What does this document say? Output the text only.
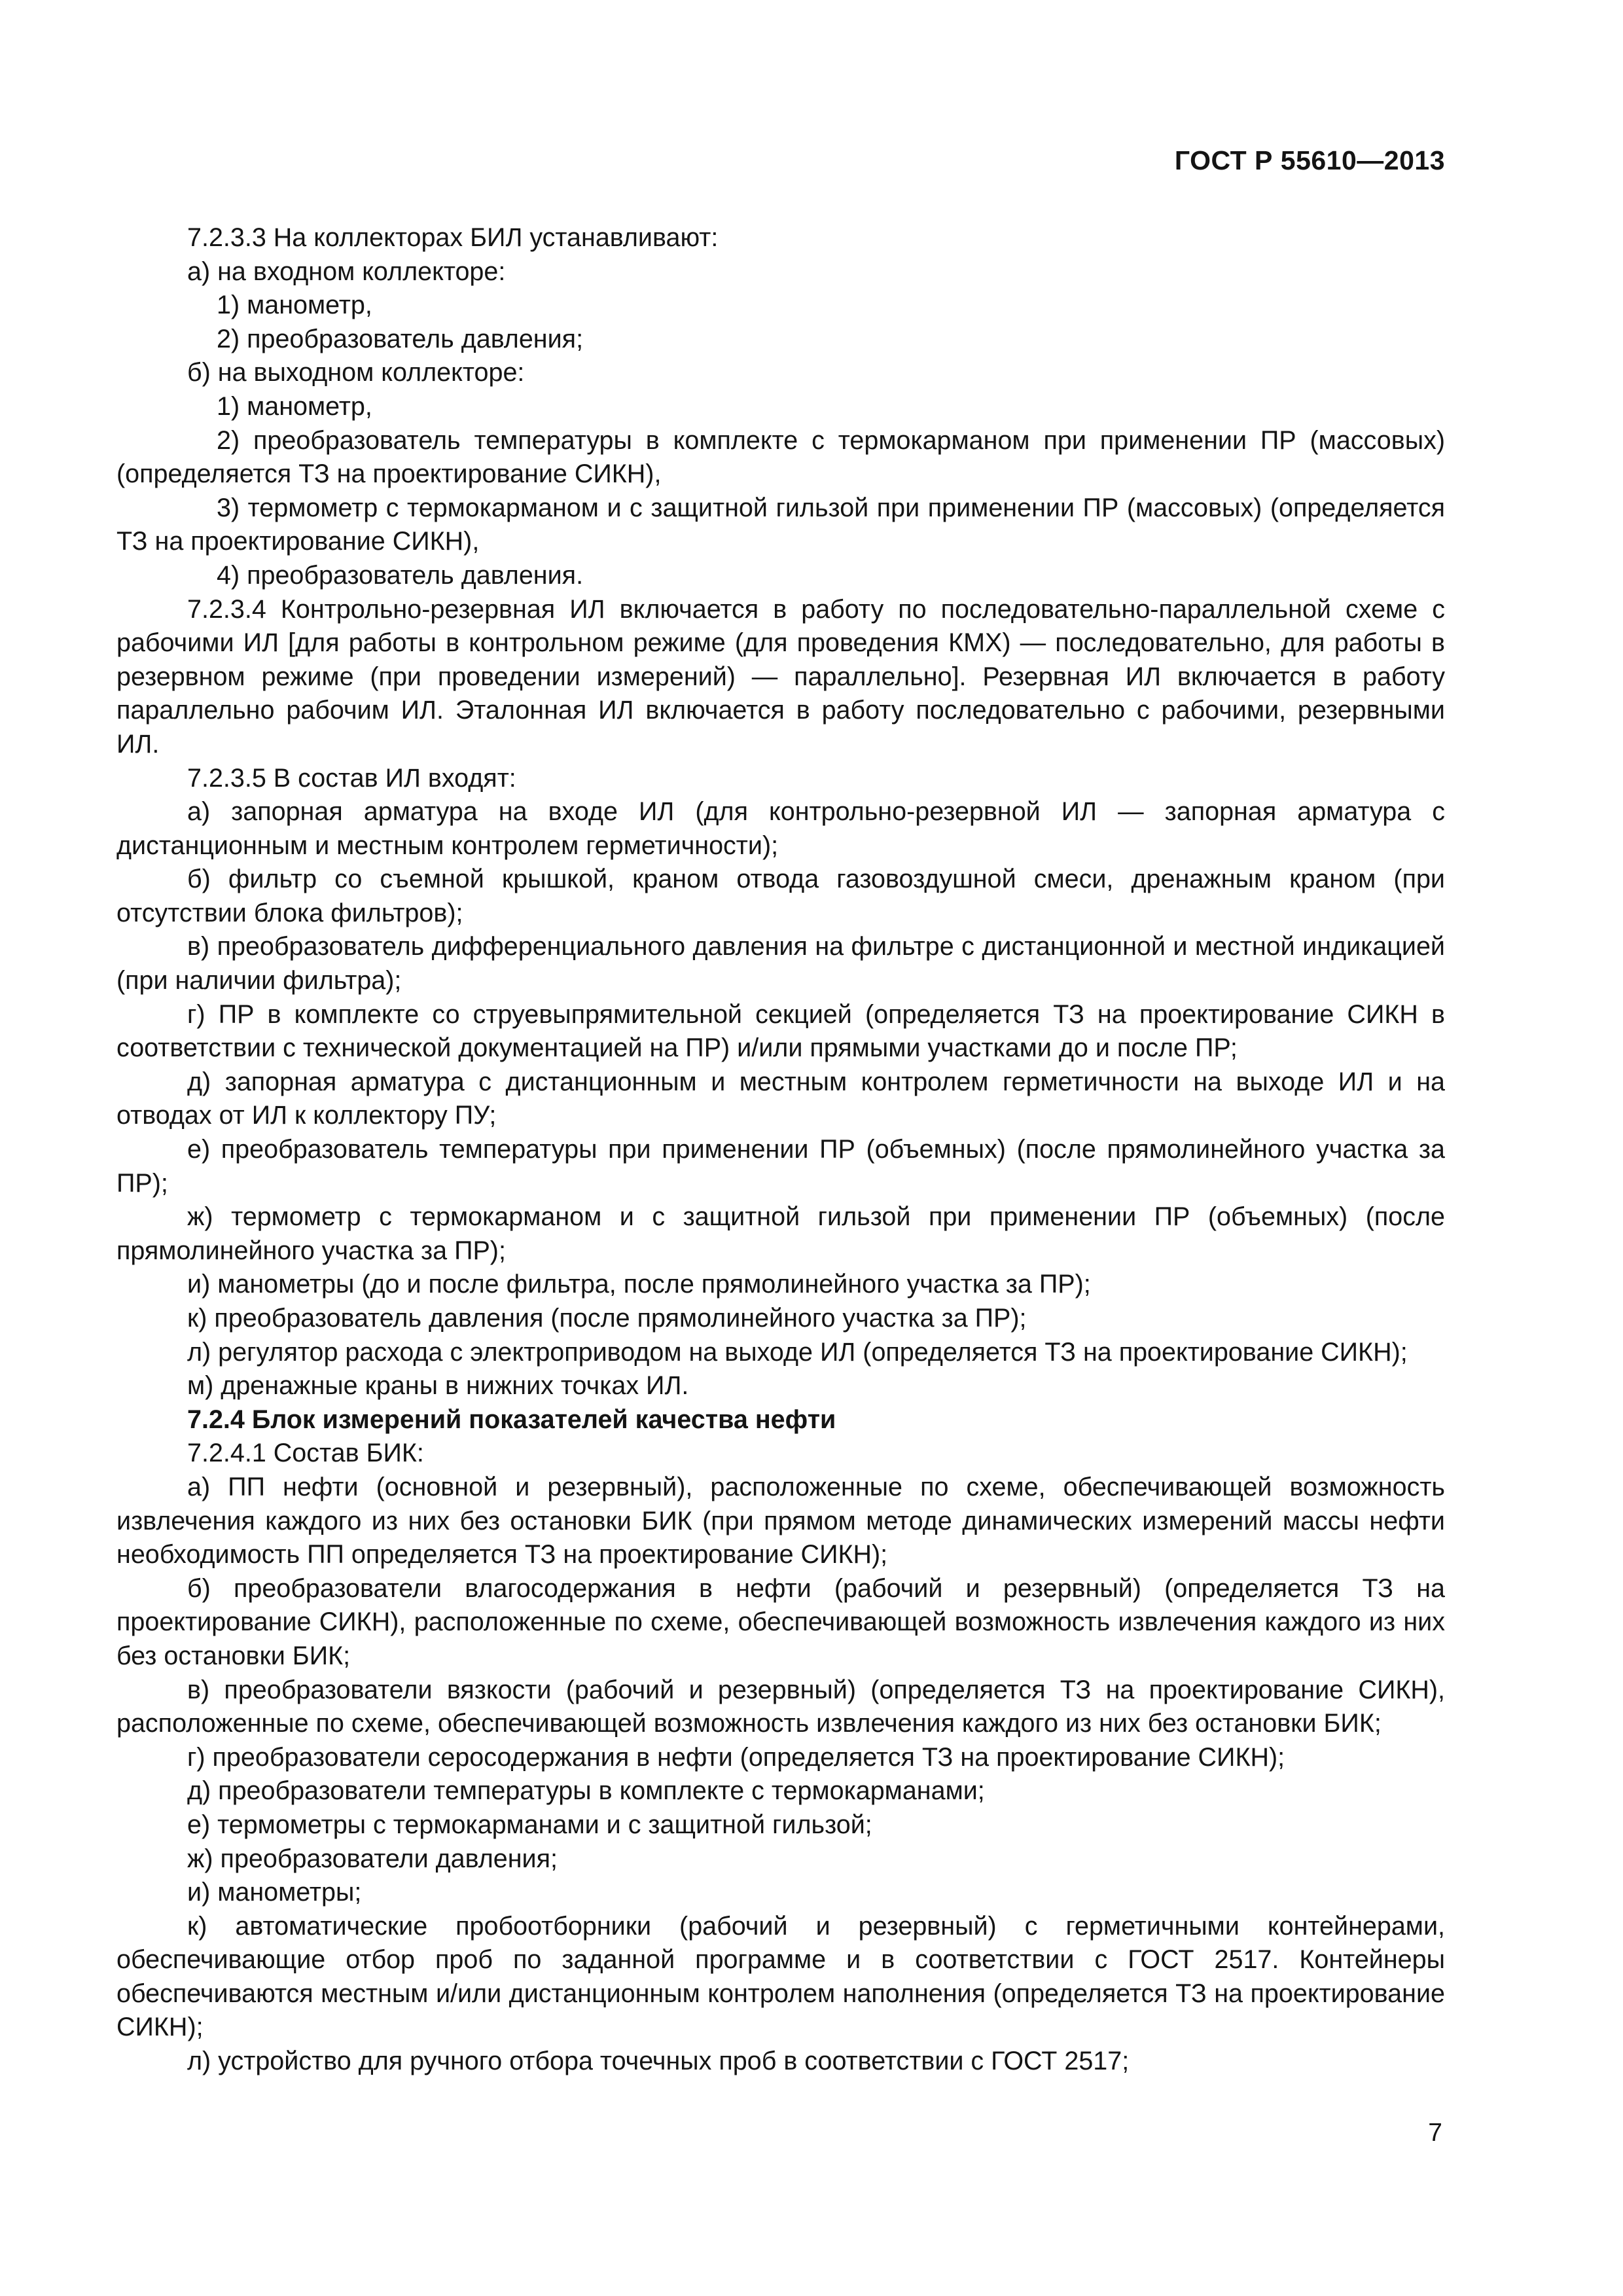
ГОСТ Р 55610—2013

7.2.3.3 На коллекторах БИЛ устанавливают:

а) на входном коллекторе:

1) манометр,

2) преобразователь давления;

б) на выходном коллекторе:

1) манометр,

2) преобразователь температуры в комплекте с термокарманом при применении ПР (массовых) (определяется ТЗ на проектирование СИКН),

3) термометр с термокарманом и с защитной гильзой при применении ПР (массовых) (определяется ТЗ на проектирование СИКН),

4) преобразователь давления.

7.2.3.4 Контрольно-резервная ИЛ включается в работу по последовательно-параллельной схеме с рабочими ИЛ [для работы в контрольном режиме (для проведения КМХ) — последовательно, для работы в резервном режиме (при проведении измерений) — параллельно]. Резервная ИЛ включается в работу параллельно рабочим ИЛ. Эталонная ИЛ включается в работу последовательно с рабочими, резервными ИЛ.

7.2.3.5 В состав ИЛ входят:

а) запорная арматура на входе ИЛ (для контрольно-резервной ИЛ — запорная арматура с дистанционным и местным контролем герметичности);

б) фильтр со съемной крышкой, краном отвода газовоздушной смеси, дренажным краном (при отсутствии блока фильтров);

в) преобразователь дифференциального давления на фильтре с дистанционной и местной индикацией (при наличии фильтра);

г) ПР в комплекте со струевыпрямительной секцией (определяется ТЗ на проектирование СИКН в соответствии с технической документацией на ПР) и/или прямыми участками до и после ПР;

д) запорная арматура с дистанционным и местным контролем герметичности на выходе ИЛ и на отводах от ИЛ к коллектору ПУ;

е) преобразователь температуры при применении ПР (объемных) (после прямолинейного участка за ПР);

ж) термометр с термокарманом и с защитной гильзой при применении ПР (объемных) (после прямолинейного участка за ПР);

и) манометры (до и после фильтра, после прямолинейного участка за ПР);

к) преобразователь давления (после прямолинейного участка за ПР);

л) регулятор расхода с электроприводом на выходе ИЛ (определяется ТЗ на проектирование СИКН);

м) дренажные краны в нижних точках ИЛ.

7.2.4 Блок измерений показателей качества нефти

7.2.4.1 Состав БИК:

а) ПП нефти (основной и резервный), расположенные по схеме, обеспечивающей возможность извлечения каждого из них без остановки БИК (при прямом методе динамических измерений массы нефти необходимость ПП определяется ТЗ на проектирование СИКН);

б) преобразователи влагосодержания в нефти (рабочий и резервный) (определяется ТЗ на проектирование СИКН), расположенные по схеме, обеспечивающей возможность извлечения каждого из них без остановки БИК;

в) преобразователи вязкости (рабочий и резервный) (определяется ТЗ на проектирование СИКН), расположенные по схеме, обеспечивающей возможность извлечения каждого из них без остановки БИК;

г) преобразователи серосодержания в нефти (определяется ТЗ на проектирование СИКН);

д) преобразователи температуры в комплекте с термокарманами;

е) термометры с термокарманами и с защитной гильзой;

ж) преобразователи давления;

и) манометры;

к) автоматические пробоотборники (рабочий и резервный) с герметичными контейнерами, обеспечивающие отбор проб по заданной программе и в соответствии с ГОСТ 2517. Контейнеры обеспечиваются местным и/или дистанционным контролем наполнения (определяется ТЗ на проектирование СИКН);

л) устройство для ручного отбора точечных проб в соответствии с ГОСТ 2517;

7
